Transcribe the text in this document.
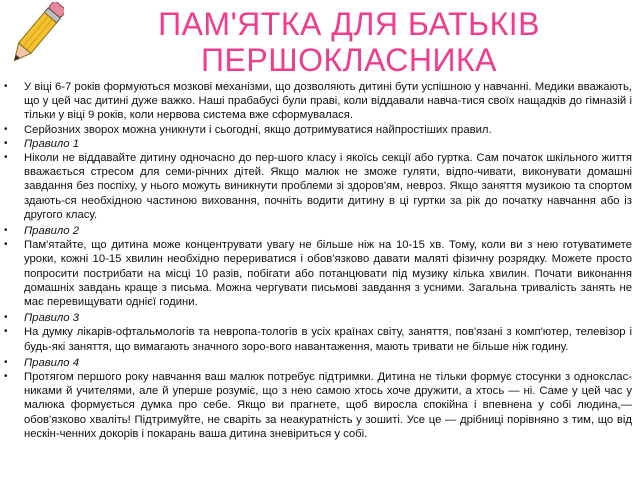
ПАМ'ЯТКА ДЛЯ БАТЬКІВ
ПЕРШОКЛАСНИКА
•	У віці 6-7 років формуються мозкові механізми, що дозволяють дитині бути успішною у навчанні. Медики вважають, що у цей час дитині дуже важко. Наші прабабусі були праві, коли віддавали навча-тися своїх нащадків до гімназій і тільки у віці 9 років, коли нервова система вже сформувалася.
•	Серйозних зворох можна уникнути і сьогодні, якщо дотримуватися найпростіших правил.
•	Правило 1
•	Ніколи не віддавайте дитину одночасно до пер-шого класу і якоїсь секції або гуртка. Сам початок шкільного життя вважається стресом для семи-річних дітей. Якщо малюк не зможе гуляти, відпо-чивати, виконувати домашні завдання без поспіху, у нього можуть виникнути проблеми зі здоров'ям, невроз. Якщо заняття музикою та спортом здають-ся необхідною частиною виховання, почніть водити дитину в ці гуртки за рік до початку навчання або із другого класу.
•	Правило 2
•	Пам'ятайте, що дитина може концентрувати увагу не більше ніж на 10-15 хв. Тому, коли ви з нею готуватимете уроки, кожні 10-15 хвилин необхідно перериватися і обов'язково давати маляті фізичну розрядку. Можете просто попросити пострибати на місці 10 разів, побігати або потанцювати під музику кілька хвилин. Почати виконання домашніх завдань краще з письма. Можна чергувати письмові завдання з усними. Загальна тривалість занять не має перевищувати однієї години.
•	Правило 3
•	На думку лікарів-офтальмологів та невропа-тологів в усіх країнах світу, заняття, пов'язані з комп'ютер, телевізор і будь-які заняття, що вимагають значного зоро-вого навантаження, мають тривати не більше ніж годину.
•	Правило 4
•	Протягом першого року навчання ваш малюк потребує підтримки. Дитина не тільки формує стосунки з однокслас-никами й учителями, але й уперше розуміє, що з нею самою хтось хоче дружити, а хтось — ні. Саме у цей час у малюка формується думка про себе. Якщо ви прагнете, щоб виросла спокійна і впевнена у собі людина,— обов'язково хваліть! Підтримуйте, не сваріть за неакуратність у зошиті. Усе це — дрібниці порівняно з тим, що від нескін-ченних докорів і покарань ваша дитина зневіриться у собі.
